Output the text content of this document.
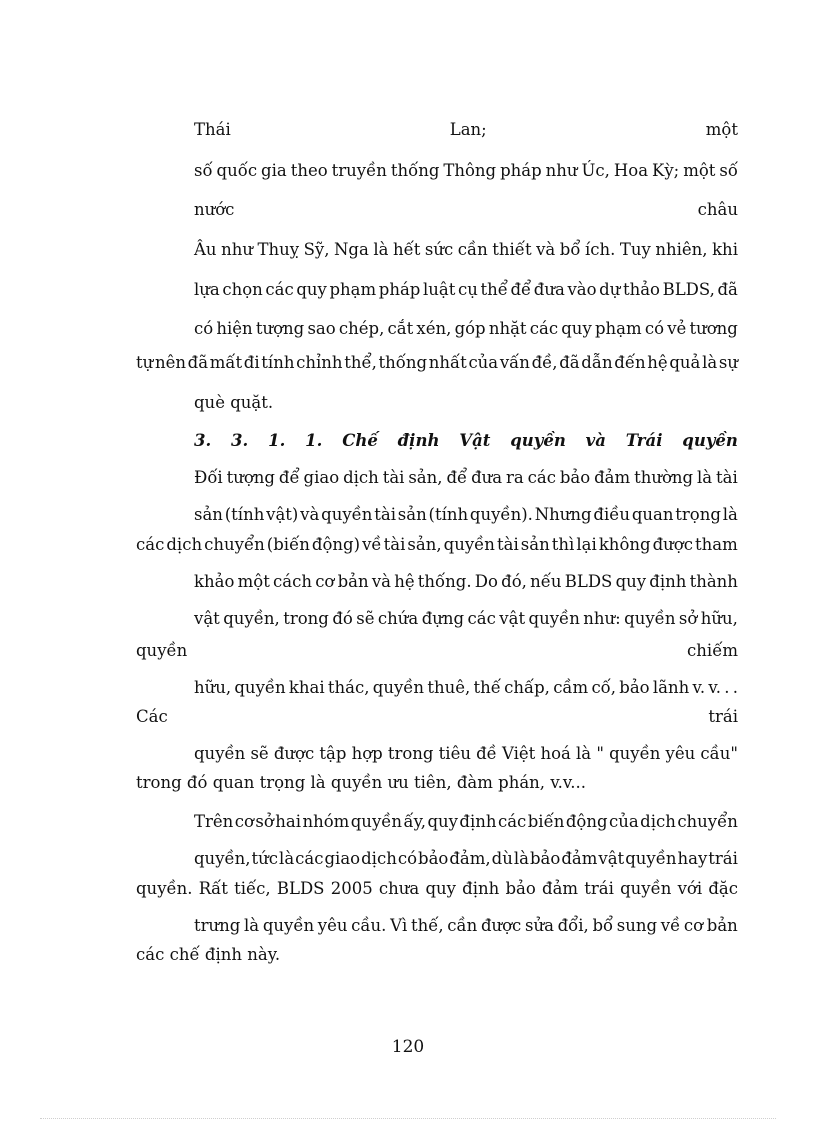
Thái	Lan;	một
số quốc gia theo truyền thống Thông pháp như Úc, Hoa Kỳ; một số
nước	châu
Âu như Thuỵ Sỹ, Nga là hết sức cần thiết và bổ ích. Tuy nhiên, khi
lựa chọn các quy phạm pháp luật cụ thể để đưa vào dự thảo BLDS, đã
có hiện tượng sao chép, cắt xén, góp nhặt các quy phạm có vẻ tương
tự nên đã mất đi tính chỉnh thể, thống nhất của vấn đề, đã dẫn đến hệ quả là sự
què quặt.
3. 3. 1. 1. Chế định Vật quyền và Trái quyền
Đối tượng để giao dịch tài sản, để đưa ra các bảo đảm thường là tài
sản (tính vật) và quyền tài sản (tính quyền). Nhưng điều quan trọng là
các dịch chuyển (biến động) về tài sản, quyền tài sản thì lại không được tham
khảo một cách cơ bản và hệ thống. Do đó, nếu BLDS quy định thành
vật quyền, trong đó sẽ chứa đựng các vật quyền như: quyền sở hữu,
quyền	chiếm
hữu, quyền khai thác, quyền thuê, thế chấp, cầm cố, bảo lãnh v. v. . .
Các	trái
quyền sẽ được tập hợp trong tiêu đề Việt hoá là " quyền yêu cầu"
trong đó quan trọng là quyền ưu tiên, đàm phán, v.v...
Trên cơ sở hai nhóm quyền ấy, quy định các biến động của dịch chuyển
quyền, tức là các giao dịch có bảo đảm, dù là bảo đảm vật quyền hay trái
quyền. Rất tiếc, BLDS 2005 chưa quy định bảo đảm trái quyền với đặc
trưng là quyền yêu cầu. Vì thế, cần được sửa đổi, bổ sung về cơ bản
các chế định này.
120
